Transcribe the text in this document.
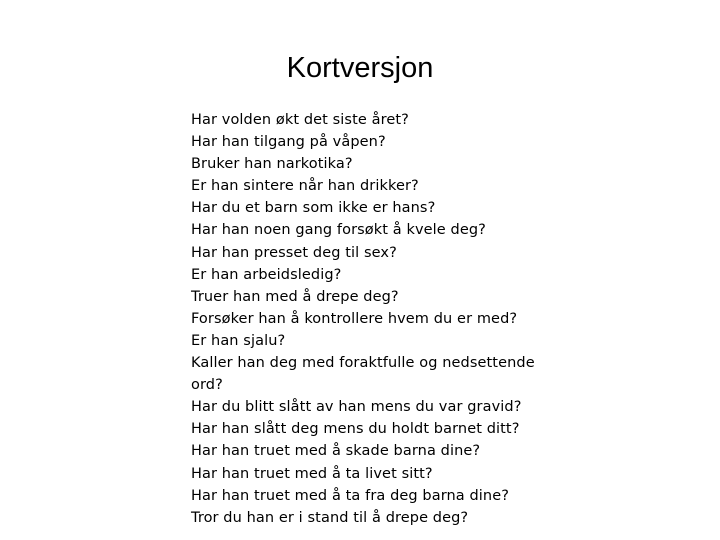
Kortversjon
Har volden økt det siste året?
Har han tilgang på våpen?
Bruker han narkotika?
Er han sintere når han drikker?
Har du et barn som ikke er hans?
Har han noen gang forsøkt å kvele deg?
Har han presset deg til sex?
Er han arbeidsledig?
Truer han med å drepe deg?
Forsøker han å kontrollere hvem du er med?
Er han sjalu?
Kaller han deg med foraktfulle og nedsettende
ord?
Har du blitt slått av han mens du var gravid?
Har han slått deg mens du holdt barnet ditt?
Har han truet med å skade barna dine?
Har han truet med å ta livet sitt?
Har han truet med å ta fra deg barna dine?
Tror du han er i stand til å drepe deg?
